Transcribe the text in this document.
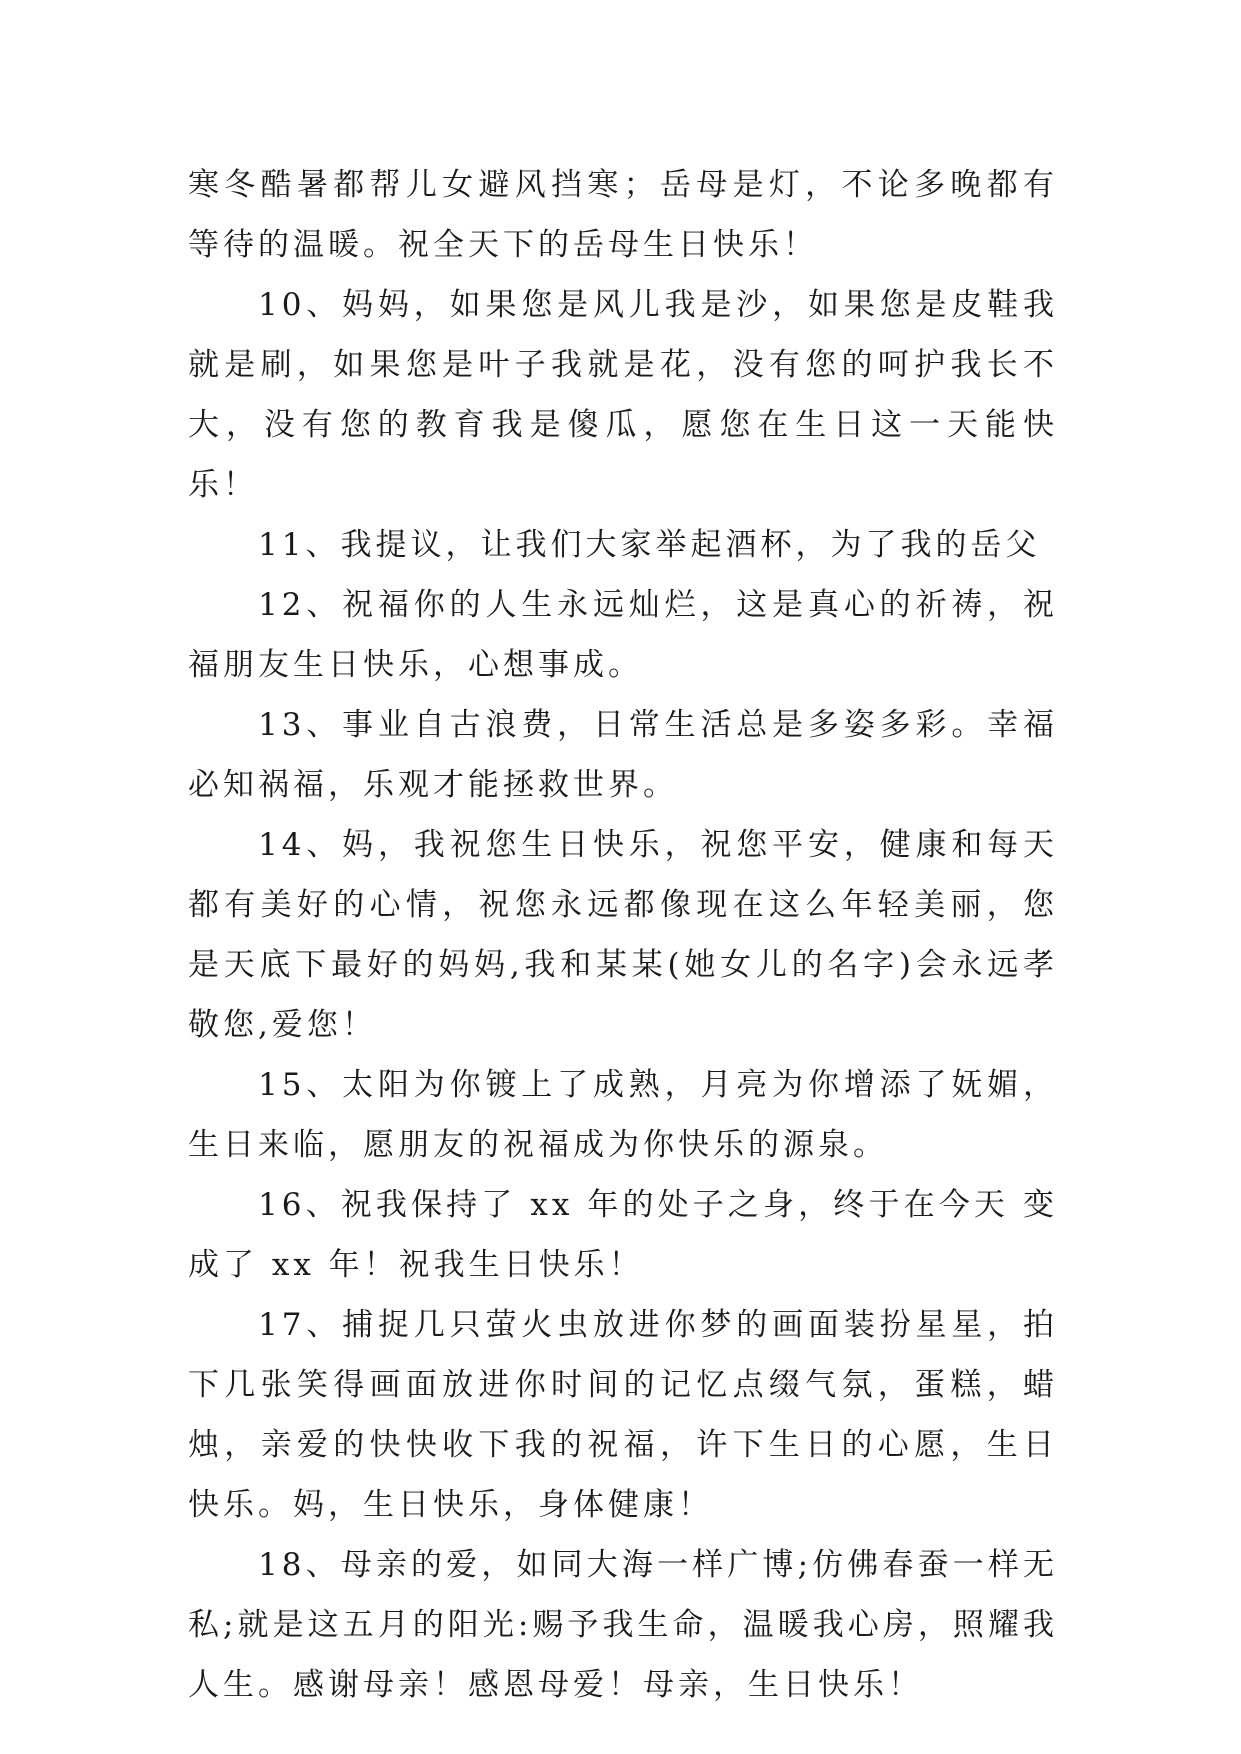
寒冬酷暑都帮儿女避风挡寒；岳母是灯，不论多晚都有等待的温暖。祝全天下的岳母生日快乐！

10、妈妈，如果您是风儿我是沙，如果您是皮鞋我就是刷，如果您是叶子我就是花，没有您的呵护我长不大，没有您的教育我是傻瓜，愿您在生日这一天能快乐！

11、我提议，让我们大家举起酒杯，为了我的岳父

12、祝福你的人生永远灿烂，这是真心的祈祷，祝福朋友生日快乐，心想事成。

13、事业自古浪费，日常生活总是多姿多彩。幸福必知祸福，乐观才能拯救世界。

14、妈，我祝您生日快乐，祝您平安，健康和每天都有美好的心情，祝您永远都像现在这么年轻美丽，您是天底下最好的妈妈,我和某某(她女儿的名字)会永远孝敬您,爱您！

15、太阳为你镀上了成熟，月亮为你增添了妩媚，生日来临，愿朋友的祝福成为你快乐的源泉。

16、祝我保持了 xx 年的处子之身，终于在今天 变成了 xx 年！祝我生日快乐！

17、捕捉几只萤火虫放进你梦的画面装扮星星，拍下几张笑得画面放进你时间的记忆点缀气氛，蛋糕，蜡烛，亲爱的快快收下我的祝福，许下生日的心愿，生日快乐。妈，生日快乐，身体健康！

18、母亲的爱，如同大海一样广博;仿佛春蚕一样无私;就是这五月的阳光:赐予我生命，温暖我心房，照耀我人生。感谢母亲！感恩母爱！母亲，生日快乐！
